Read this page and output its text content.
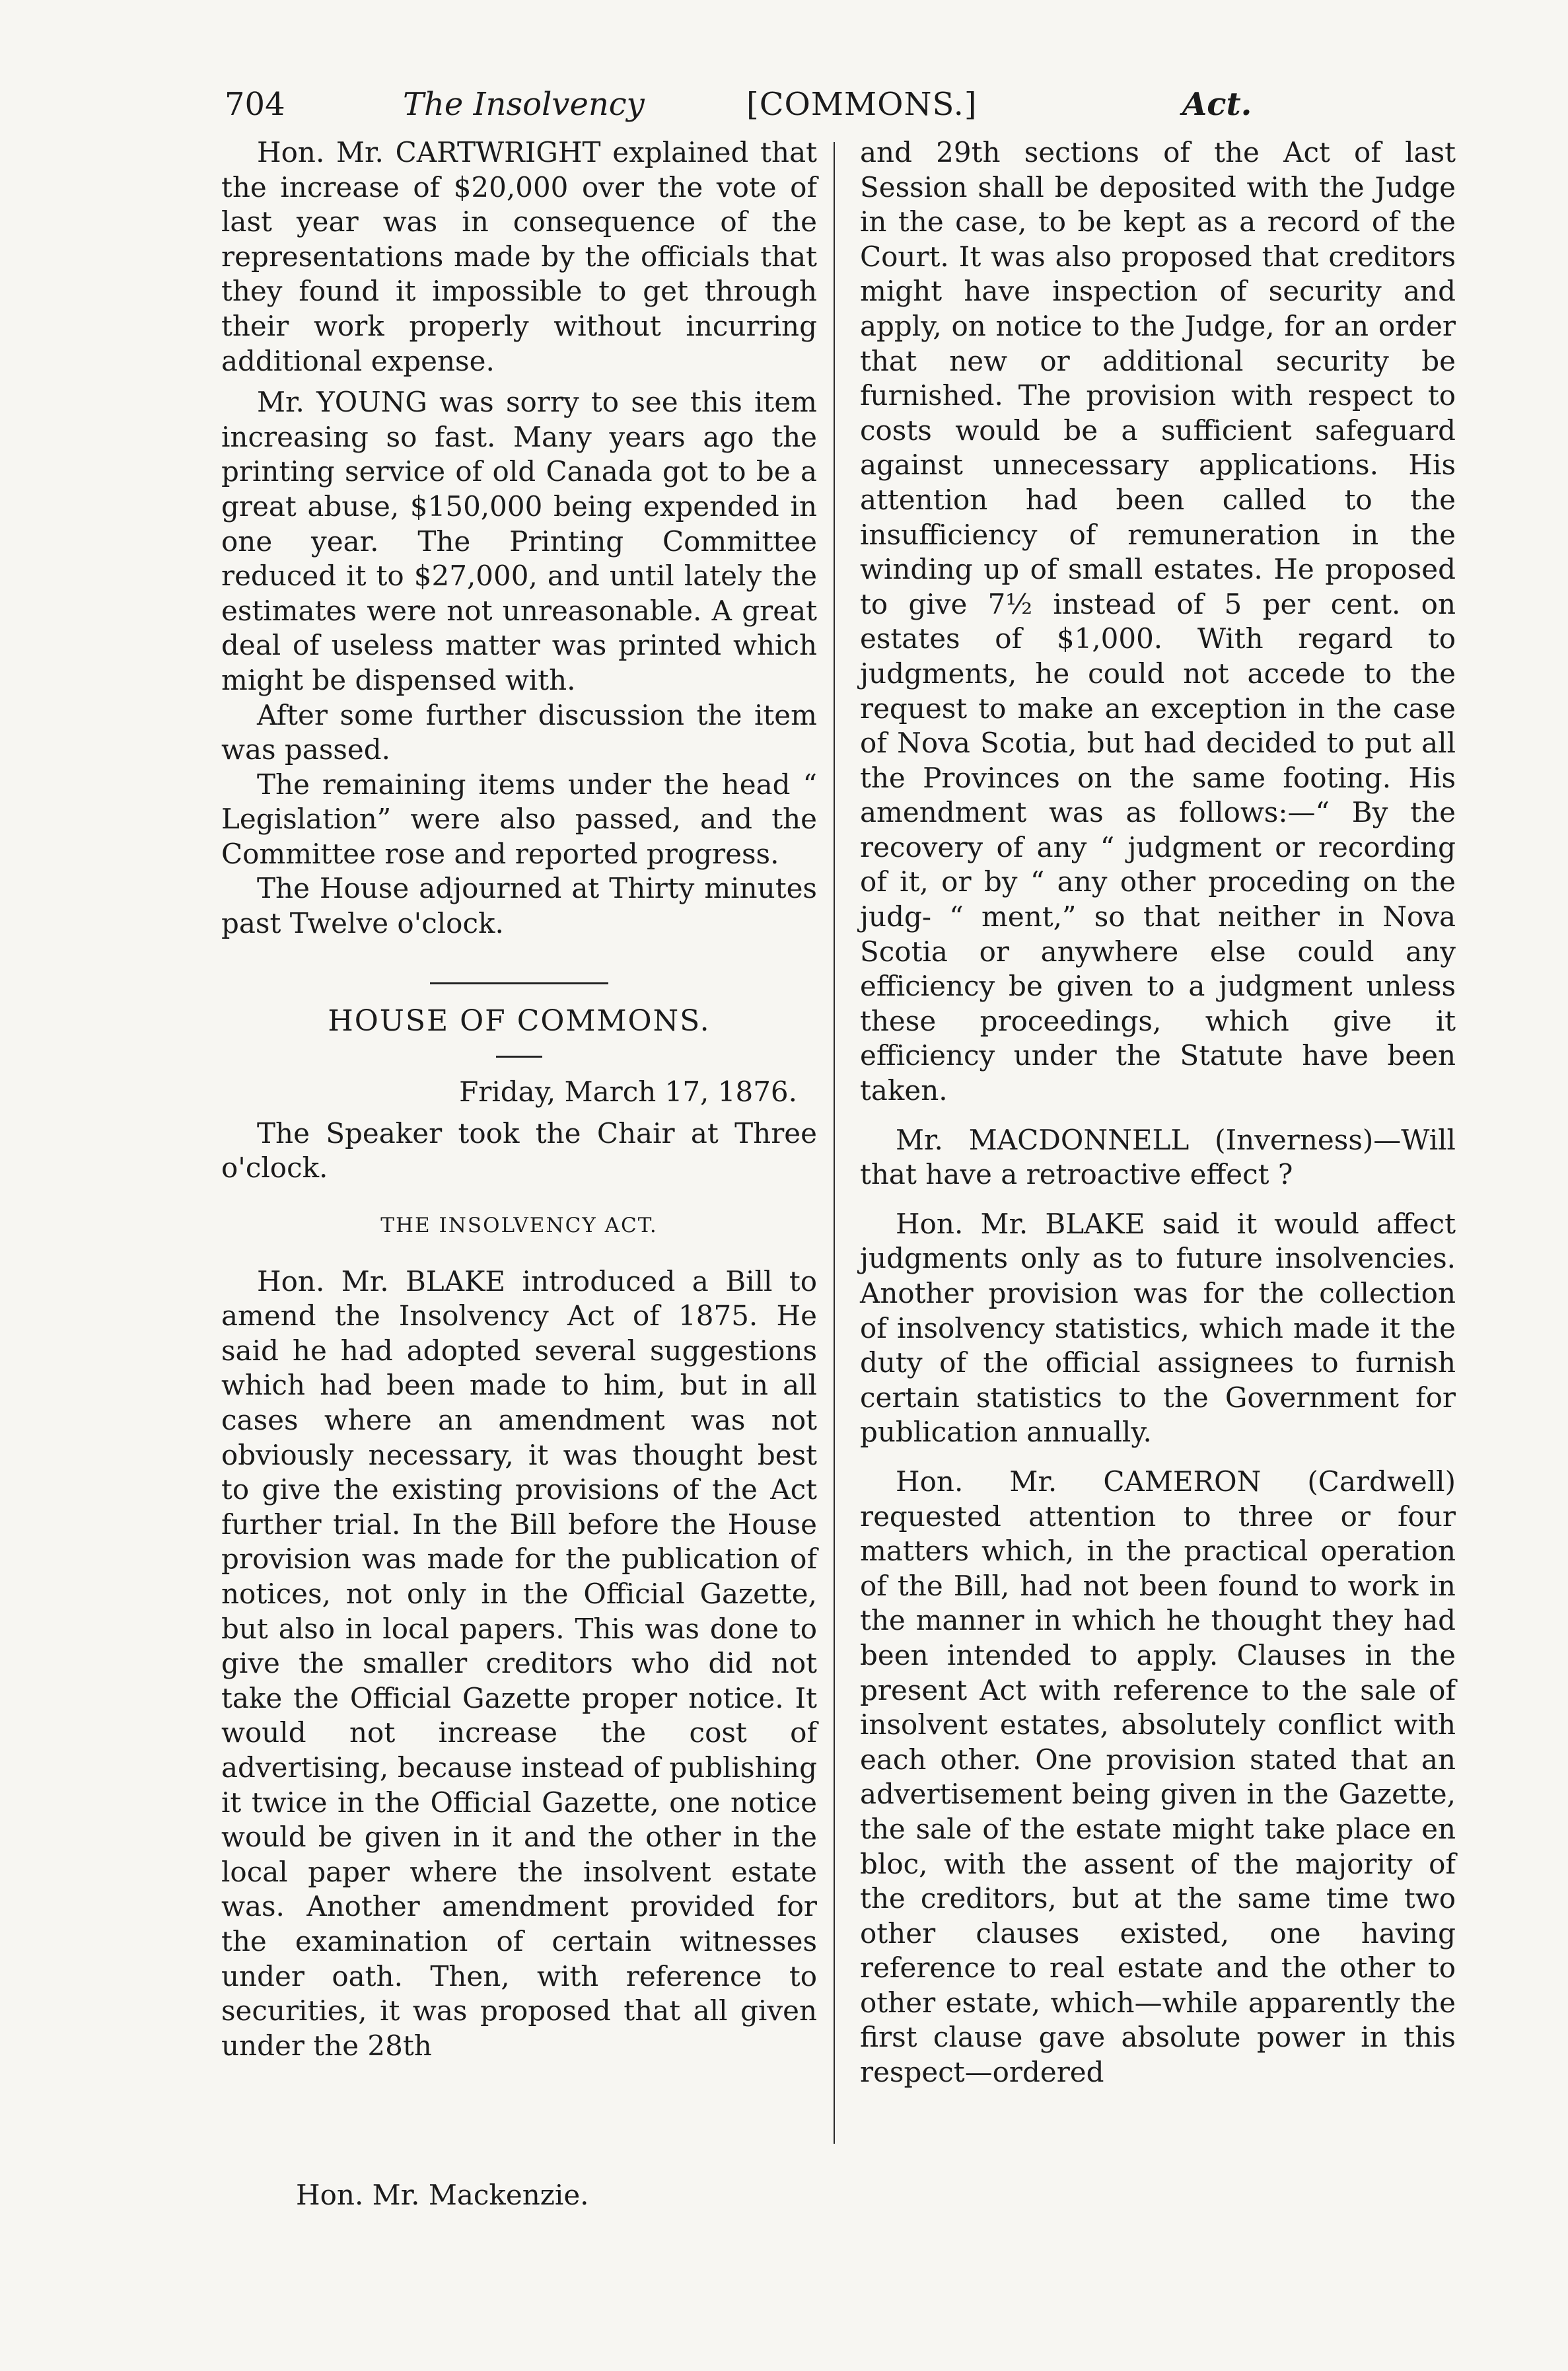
704	The Insolvency	[COMMONS.]	Act.

Hon. Mr. CARTWRIGHT explained that the increase of $20,000 over the vote of last year was in consequence of the representations made by the officials that they found it impossible to get through their work properly without incurring additional expense.

Mr. YOUNG was sorry to see this item increasing so fast. Many years ago the printing service of old Canada got to be a great abuse, $150,000 being expended in one year. The Printing Committee reduced it to $27,000, and until lately the estimates were not unreasonable. A great deal of useless matter was printed which might be dispensed with.

After some further discussion the item was passed.

The remaining items under the head “ Legislation” were also passed, and the Committee rose and reported progress.

The House adjourned at Thirty minutes past Twelve o'clock.

HOUSE OF COMMONS.

Friday, March 17, 1876.

The Speaker took the Chair at Three o'clock.

THE INSOLVENCY ACT.

Hon. Mr. BLAKE introduced a Bill to amend the Insolvency Act of 1875. He said he had adopted several suggestions which had been made to him, but in all cases where an amendment was not obviously necessary, it was thought best to give the existing provisions of the Act further trial. In the Bill before the House provision was made for the publication of notices, not only in the Official Gazette, but also in local papers. This was done to give the smaller creditors who did not take the Official Gazette proper notice. It would not increase the cost of advertising, because instead of publishing it twice in the Official Gazette, one notice would be given in it and the other in the local paper where the insolvent estate was. Another amendment provided for the examination of certain witnesses under oath. Then, with reference to securities, it was proposed that all given under the 28th

and 29th sections of the Act of last Session shall be deposited with the Judge in the case, to be kept as a record of the Court. It was also proposed that creditors might have inspection of security and apply, on notice to the Judge, for an order that new or additional security be furnished. The provision with respect to costs would be a sufficient safeguard against unnecessary applications. His attention had been called to the insufficiency of remuneration in the winding up of small estates. He proposed to give 7½ instead of 5 per cent. on estates of $1,000. With regard to judgments, he could not accede to the request to make an exception in the case of Nova Scotia, but had decided to put all the Provinces on the same footing. His amendment was as follows:—“ By the recovery of any “ judgment or recording of it, or by “ any other proceding on the judg- “ ment,” so that neither in Nova Scotia or anywhere else could any efficiency be given to a judgment unless these proceedings, which give it efficiency under the Statute have been taken.

Mr. MACDONNELL (Inverness)—Will that have a retroactive effect ?

Hon. Mr. BLAKE said it would affect judgments only as to future insolvencies. Another provision was for the collection of insolvency statistics, which made it the duty of the official assignees to furnish certain statistics to the Government for publication annually.

Hon. Mr. CAMERON (Cardwell) requested attention to three or four matters which, in the practical operation of the Bill, had not been found to work in the manner in which he thought they had been intended to apply. Clauses in the present Act with reference to the sale of insolvent estates, absolutely conflict with each other. One provision stated that an advertisement being given in the Gazette, the sale of the estate might take place en bloc, with the assent of the majority of the creditors, but at the same time two other clauses existed, one having reference to real estate and the other to other estate, which—while apparently the first clause gave absolute power in this respect—ordered

Hon. Mr. Mackenzie.
